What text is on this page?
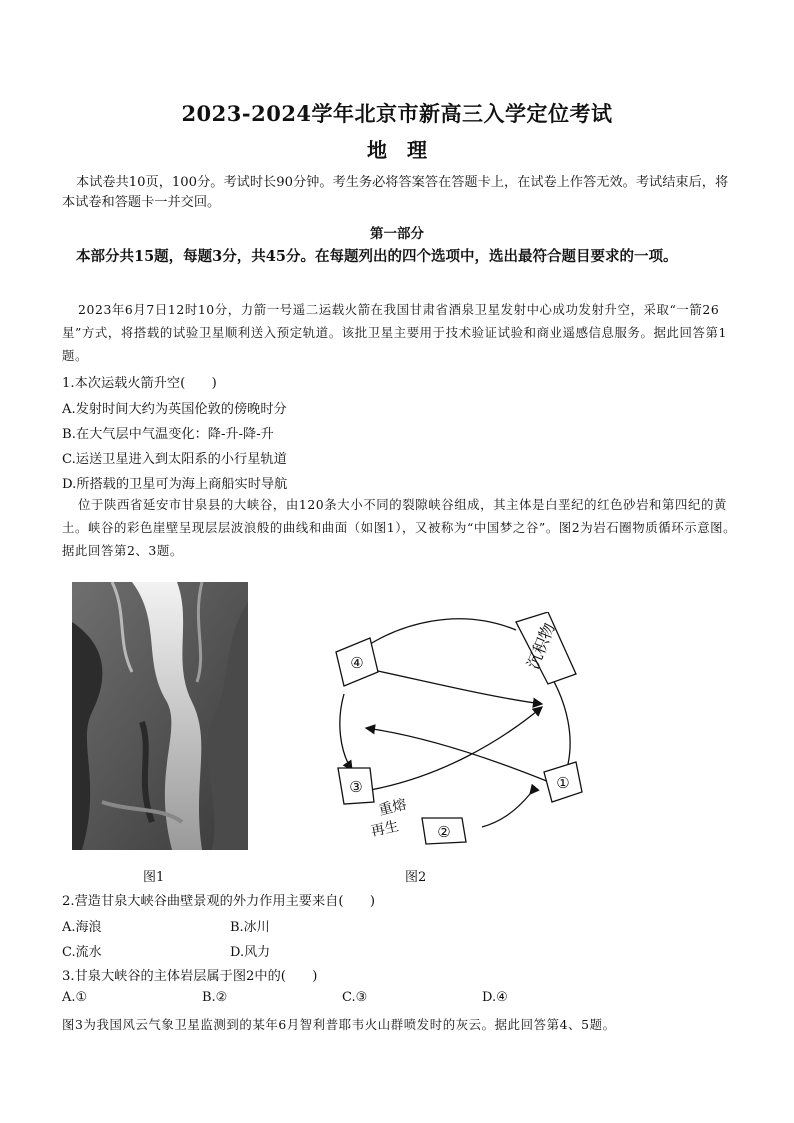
2023-2024学年北京市新高三入学定位考试
地　理
本试卷共10页，100分。考试时长90分钟。考生务必将答案答在答题卡上，在试卷上作答无效。考试结束后，将本试卷和答题卡一并交回。
第一部分
本部分共15题，每题3分，共45分。在每题列出的四个选项中，选出最符合题目要求的一项。
2023年6月7日12时10分，力箭一号遥二运载火箭在我国甘肃省酒泉卫星发射中心成功发射升空，采取“一箭26星”方式，将搭载的试验卫星顺利送入预定轨道。该批卫星主要用于技术验证试验和商业遥感信息服务。据此回答第1题。
1.本次运载火箭升空(　　)
A.发射时间大约为英国伦敦的傍晚时分
B.在大气层中气温变化：降-升-降-升
C.运送卫星进入到太阳系的小行星轨道
D.所搭载的卫星可为海上商船实时导航
位于陕西省延安市甘泉县的大峡谷，由120条大小不同的裂隙峡谷组成，其主体是白垩纪的红色砂岩和第四纪的黄土。峡谷的彩色崖壁呈现层层波浪般的曲线和曲面（如图1），又被称为“中国梦之谷”。图2为岩石圈物质循环示意图。据此回答第2、3题。
沉积物
④
③
②
①
重熔
再生
图1	图2
2.营造甘泉大峡谷曲壁景观的外力作用主要来自(　　)
A.海浪	B.冰川
C.流水	D.风力
3.甘泉大峡谷的主体岩层属于图2中的(　　)
A.①	B.②	C.③	D.④
图3为我国风云气象卫星监测到的某年6月智利普耶韦火山群喷发时的灰云。据此回答第4、5题。
